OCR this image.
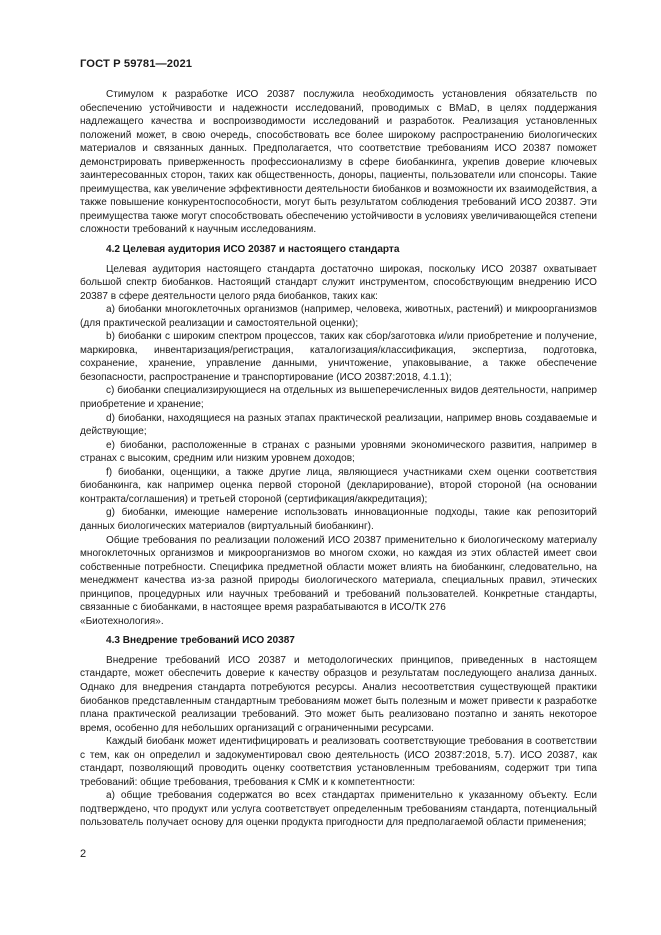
ГОСТ Р 59781—2021

Стимулом к разработке ИСО 20387 послужила необходимость установления обязательств по обеспечению устойчивости и надежности исследований, проводимых с BMaD, в целях поддержания надлежащего качества и воспроизводимости исследований и разработок. Реализация установленных положений может, в свою очередь, способствовать все более широкому распространению биологических материалов и связанных данных. Предполагается, что соответствие требованиям ИСО 20387 поможет демонстрировать приверженность профессионализму в сфере биобанкинга, укрепив доверие ключевых заинтересованных сторон, таких как общественность, доноры, пациенты, пользователи или спонсоры. Такие преимущества, как увеличение эффективности деятельности биобанков и возможности их взаимодействия, а также повышение конкурентоспособности, могут быть результатом соблюдения требований ИСО 20387. Эти преимущества также могут способствовать обеспечению устойчивости в условиях увеличивающейся степени сложности требований к научным исследованиям.

4.2 Целевая аудитория ИСО 20387 и настоящего стандарта

Целевая аудитория настоящего стандарта достаточно широкая, поскольку ИСО 20387 охватывает большой спектр биобанков. Настоящий стандарт служит инструментом, способствующим внедрению ИСО 20387 в сфере деятельности целого ряда биобанков, таких как:

a) биобанки многоклеточных организмов (например, человека, животных, растений) и микроорганизмов (для практической реализации и самостоятельной оценки);

b) биобанки с широким спектром процессов, таких как сбор/заготовка и/или приобретение и получение, маркировка, инвентаризация/регистрация, каталогизация/классификация, экспертиза, подготовка, сохранение, хранение, управление данными, уничтожение, упаковывание, а также обеспечение безопасности, распространение и транспортирование (ИСО 20387:2018, 4.1.1);

c) биобанки специализирующиеся на отдельных из вышеперечисленных видов деятельности, например приобретение и хранение;

d) биобанки, находящиеся на разных этапах практической реализации, например вновь создаваемые и действующие;

e) биобанки, расположенные в странах с разными уровнями экономического развития, например в странах с высоким, средним или низким уровнем доходов;

f) биобанки, оценщики, а также другие лица, являющиеся участниками схем оценки соответствия биобанкинга, как например оценка первой стороной (декларирование), второй стороной (на основании контракта/соглашения) и третьей стороной (сертификация/аккредитация);

g) биобанки, имеющие намерение использовать инновационные подходы, такие как репозиторий данных биологических материалов (виртуальный биобанкинг).

Общие требования по реализации положений ИСО 20387 применительно к биологическому материалу многоклеточных организмов и микроорганизмов во многом схожи, но каждая из этих областей имеет свои собственные потребности. Специфика предметной области может влиять на биобанкинг, следовательно, на менеджмент качества из-за разной природы биологического материала, специальных правил, этических принципов, процедурных или научных требований и требований пользователей. Конкретные стандарты, связанные с биобанками, в настоящее время разрабатываются в ИСО/ТК 276

«Биотехнология».

4.3 Внедрение требований ИСО 20387

Внедрение требований ИСО 20387 и методологических принципов, приведенных в настоящем стандарте, может обеспечить доверие к качеству образцов и результатам последующего анализа данных. Однако для внедрения стандарта потребуются ресурсы. Анализ несоответствия существующей практики биобанков представленным стандартным требованиям может быть полезным и может привести к разработке плана практической реализации требований. Это может быть реализовано поэтапно и занять некоторое время, особенно для небольших организаций с ограниченными ресурсами.

Каждый биобанк может идентифицировать и реализовать соответствующие требования в соответствии с тем, как он определил и задокументировал свою деятельность (ИСО 20387:2018, 5.7). ИСО 20387, как стандарт, позволяющий проводить оценку соответствия установленным требованиям, содержит три типа требований: общие требования, требования к СМК и к компетентности:

a) общие требования содержатся во всех стандартах применительно к указанному объекту. Если подтверждено, что продукт или услуга соответствует определенным требованиям стандарта, потенциальный пользователь получает основу для оценки продукта пригодности для предполагаемой области применения;

2
